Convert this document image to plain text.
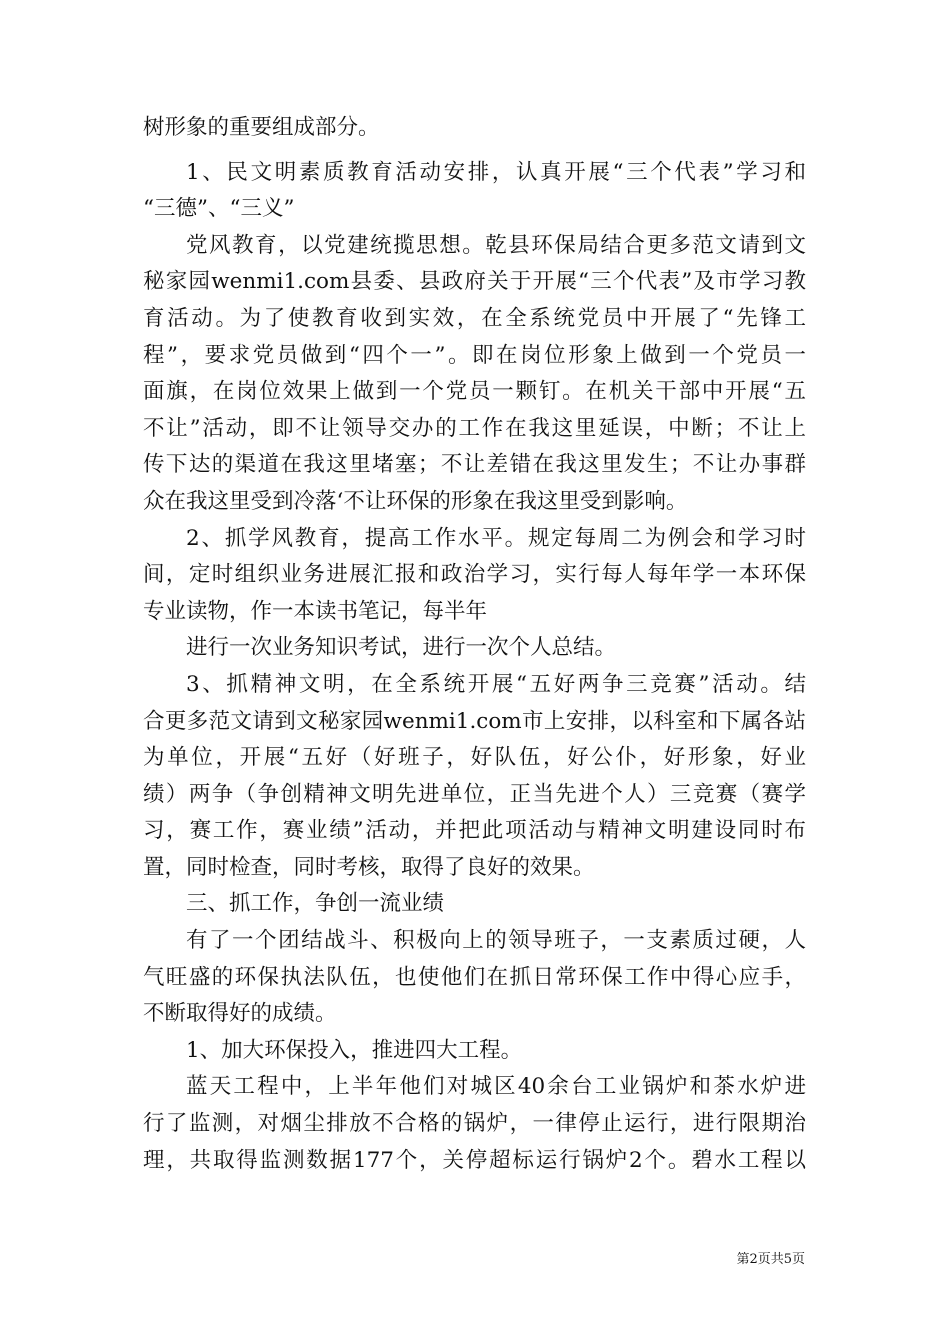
树形象的重要组成部分。
1、民文明素质教育活动安排，认真开展“三个代表”学习和
“三德”、“三义”
党风教育，以党建统揽思想。乾县环保局结合更多范文请到文
秘家园wenmi1.com县委、县政府关于开展“三个代表”及市学习教
育活动。为了使教育收到实效，在全系统党员中开展了“先锋工
程”，要求党员做到“四个一”。即在岗位形象上做到一个党员一
面旗，在岗位效果上做到一个党员一颗钉。在机关干部中开展“五
不让”活动，即不让领导交办的工作在我这里延误，中断；不让上
传下达的渠道在我这里堵塞；不让差错在我这里发生；不让办事群
众在我这里受到冷落‘不让环保的形象在我这里受到影响。
2、抓学风教育，提高工作水平。规定每周二为例会和学习时
间，定时组织业务进展汇报和政治学习，实行每人每年学一本环保
专业读物，作一本读书笔记，每半年
进行一次业务知识考试，进行一次个人总结。
3、抓精神文明，在全系统开展“五好两争三竞赛”活动。结
合更多范文请到文秘家园wenmi1.com市上安排，以科室和下属各站
为单位，开展“五好（好班子，好队伍，好公仆，好形象，好业
绩）两争（争创精神文明先进单位，正当先进个人）三竞赛（赛学
习，赛工作，赛业绩”活动，并把此项活动与精神文明建设同时布
置，同时检查，同时考核，取得了良好的效果。
三、抓工作，争创一流业绩
有了一个团结战斗、积极向上的领导班子，一支素质过硬，人
气旺盛的环保执法队伍，也使他们在抓日常环保工作中得心应手，
不断取得好的成绩。
1、加大环保投入，推进四大工程。
蓝天工程中，上半年他们对城区40余台工业锅炉和茶水炉进
行了监测，对烟尘排放不合格的锅炉，一律停止运行，进行限期治
理，共取得监测数据177个，关停超标运行锅炉2个。碧水工程以
第2页共5页
